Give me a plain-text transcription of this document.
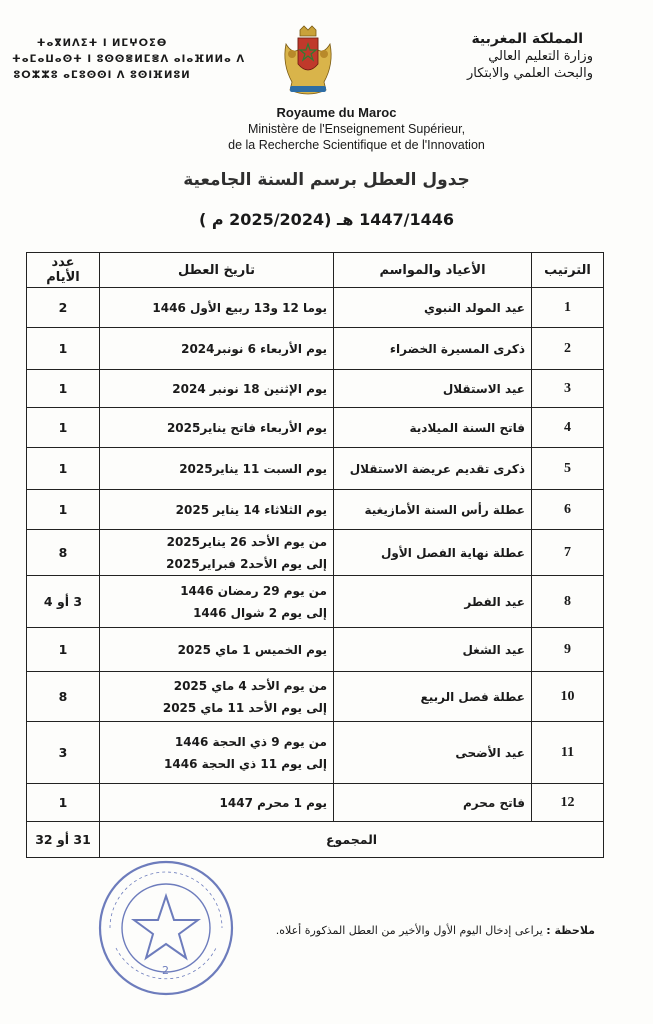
المملكة المغربية
وزارة التعليم العالي
والبحث العلمي والابتكار
ⵜⴰⴳⵍⴷⵉⵜ ⵏ ⵍⵎⵖⵔⵉⴱ
ⵜⴰⵎⴰⵡⴰⵙⵜ ⵏ ⵓⵙⵙⴻⵍⵎⴻⴷ ⴰⵏⴰⴼⵍⵍⴰ ⴷ
ⵓⵔⵣⵣⵓ ⴰⵎⵓⵙⵙⵏ ⴷ ⵓⵙⵏⴼⵍⵓⵍ
Royaume du Maroc
Ministère de l'Enseignement Supérieur,
de la Recherche Scientifique et de l'Innovation
جدول العطل برسم السنة الجامعية
1447/1446 هـ (2025/2024 م )
الترتيب	الأعياد والمواسم	تاريخ العطل	عدد الأيام
1	عيد المولد النبوي	يوما 12 و13 ربيع الأول 1446	2
2	ذكرى المسيرة الخضراء	يوم الأربعاء 6 نونبر2024	1
3	عيد الاستقلال	يوم الإثنين 18 نونبر 2024	1
4	فاتح السنة الميلادية	يوم الأربعاء فاتح يناير2025	1
5	ذكرى تقديم عريضة الاستقلال	يوم السبت 11 يناير2025	1
6	عطلة رأس السنة الأمازيغية	يوم الثلاثاء 14 يناير 2025	1
7	عطلة نهاية الفصل الأول	من يوم الأحد 26 يناير2025
إلى يوم الأحد2 فبراير2025	8
8	عيد الفطر	من يوم 29 رمضان 1446
إلى يوم 2 شوال 1446	3 أو 4
9	عيد الشغل	يوم الخميس 1 ماي 2025	1
10	عطلة فصل الربيع	من يوم الأحد 4 ماي 2025
إلى يوم الأحد 11 ماي 2025	8
11	عيد الأضحى	من يوم 9 ذي الحجة 1446
إلى يوم 11 ذي الحجة 1446	3
12	فاتح محرم	يوم 1 محرم 1447	1
المجموع			31 أو 32
ملاحظة : يراعى إدخال اليوم الأول والأخير من العطل المذكورة أعلاه.
2
